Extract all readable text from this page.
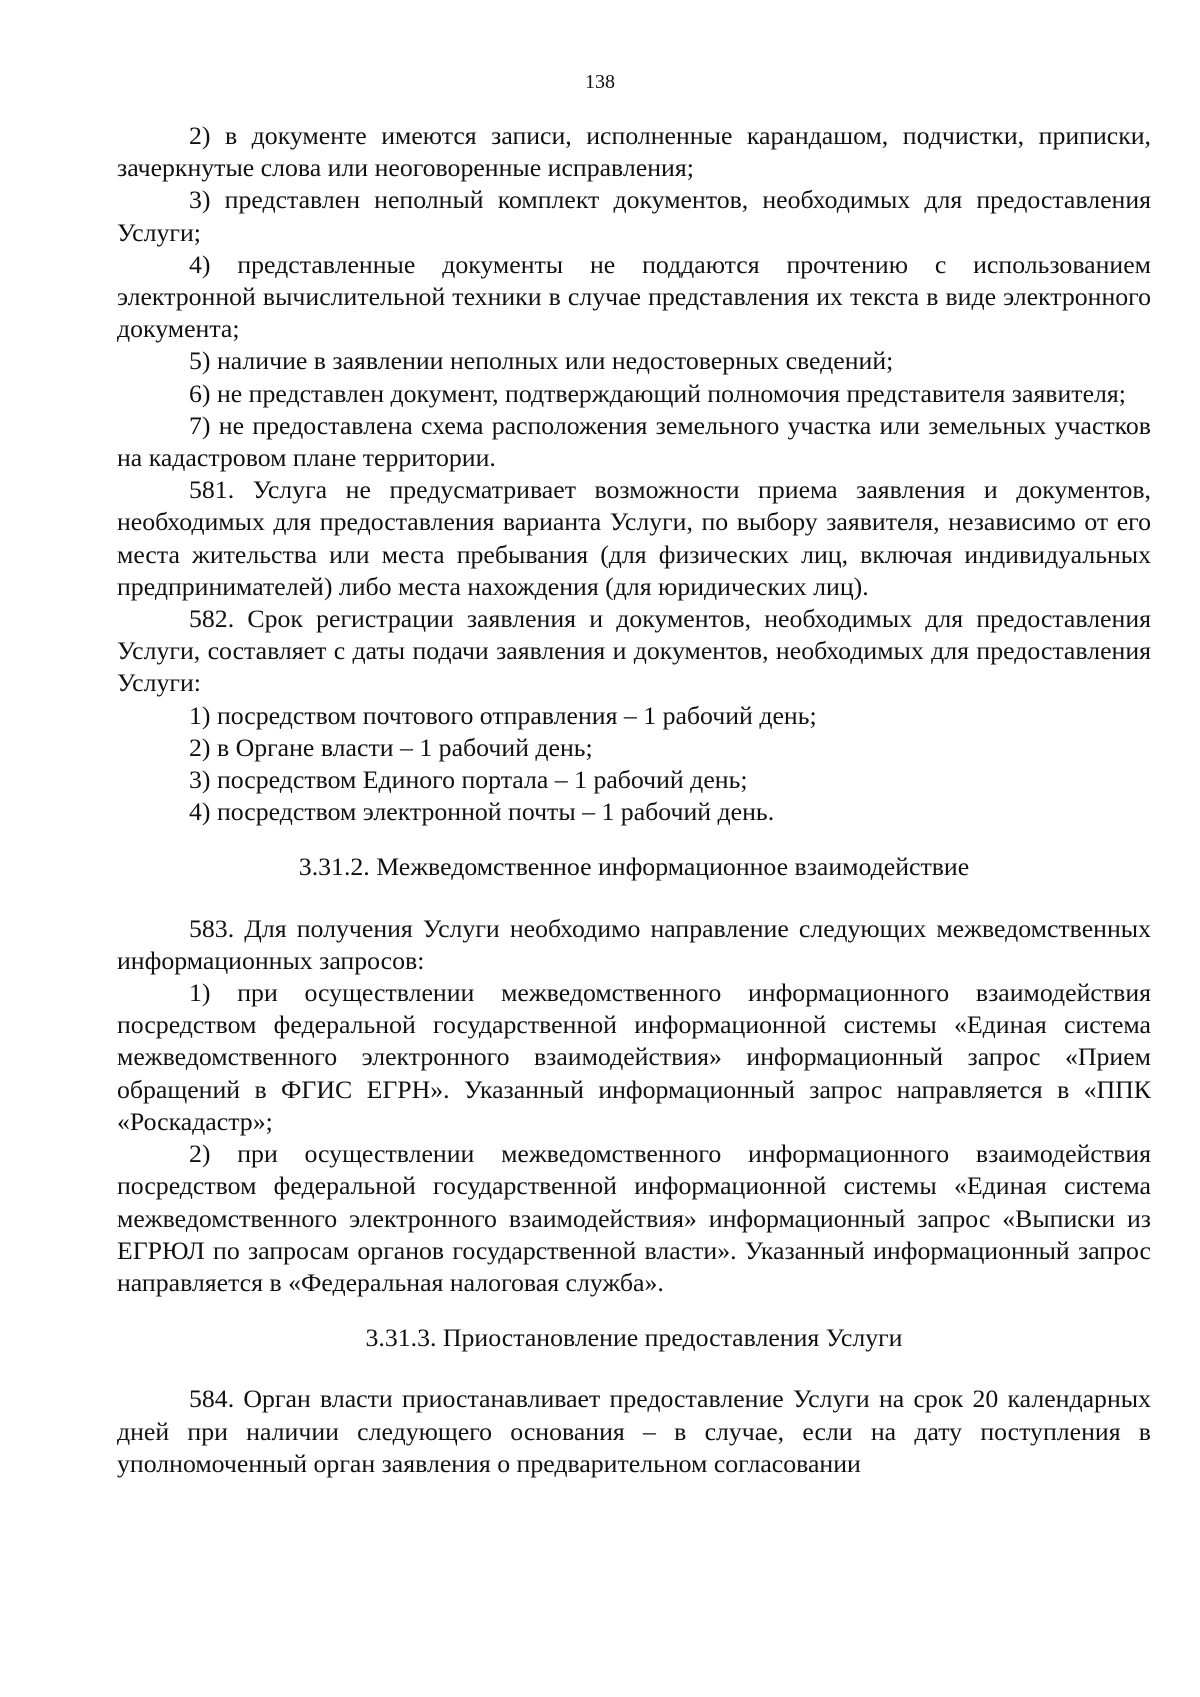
138

2) в документе имеются записи, исполненные карандашом, подчистки, приписки, зачеркнутые слова или неоговоренные исправления;

3) представлен неполный комплект документов, необходимых для предоставления Услуги;

4) представленные документы не поддаются прочтению с использованием электронной вычислительной техники в случае представления их текста в виде электронного документа;

5) наличие в заявлении неполных или недостоверных сведений;

6) не представлен документ, подтверждающий полномочия представителя заявителя;

7) не предоставлена схема расположения земельного участка или земельных участков на кадастровом плане территории.

581. Услуга не предусматривает возможности приема заявления и документов, необходимых для предоставления варианта Услуги, по выбору заявителя, независимо от его места жительства или места пребывания (для физических лиц, включая индивидуальных предпринимателей) либо места нахождения (для юридических лиц).

582. Срок регистрации заявления и документов, необходимых для предоставления Услуги, составляет с даты подачи заявления и документов, необходимых для предоставления Услуги:

1) посредством почтового отправления – 1 рабочий день;

2) в Органе власти – 1 рабочий день;

3) посредством Единого портала – 1 рабочий день;

4) посредством электронной почты – 1 рабочий день.

3.31.2. Межведомственное информационное взаимодействие

583. Для получения Услуги необходимо направление следующих межведомственных информационных запросов:

1) при осуществлении межведомственного информационного взаимодействия посредством федеральной государственной информационной системы «Единая система межведомственного электронного взаимодействия» информационный запрос «Прием обращений в ФГИС ЕГРН». Указанный информационный запрос направляется в «ППК «Роскадастр»;

2) при осуществлении межведомственного информационного взаимодействия посредством федеральной государственной информационной системы «Единая система межведомственного электронного взаимодействия» информационный запрос «Выписки из ЕГРЮЛ по запросам органов государственной власти». Указанный информационный запрос направляется в «Федеральная налоговая служба».

3.31.3. Приостановление предоставления Услуги

584. Орган власти приостанавливает предоставление Услуги на срок 20 календарных дней при наличии следующего основания – в случае, если на дату поступления в уполномоченный орган заявления о предварительном согласовании
